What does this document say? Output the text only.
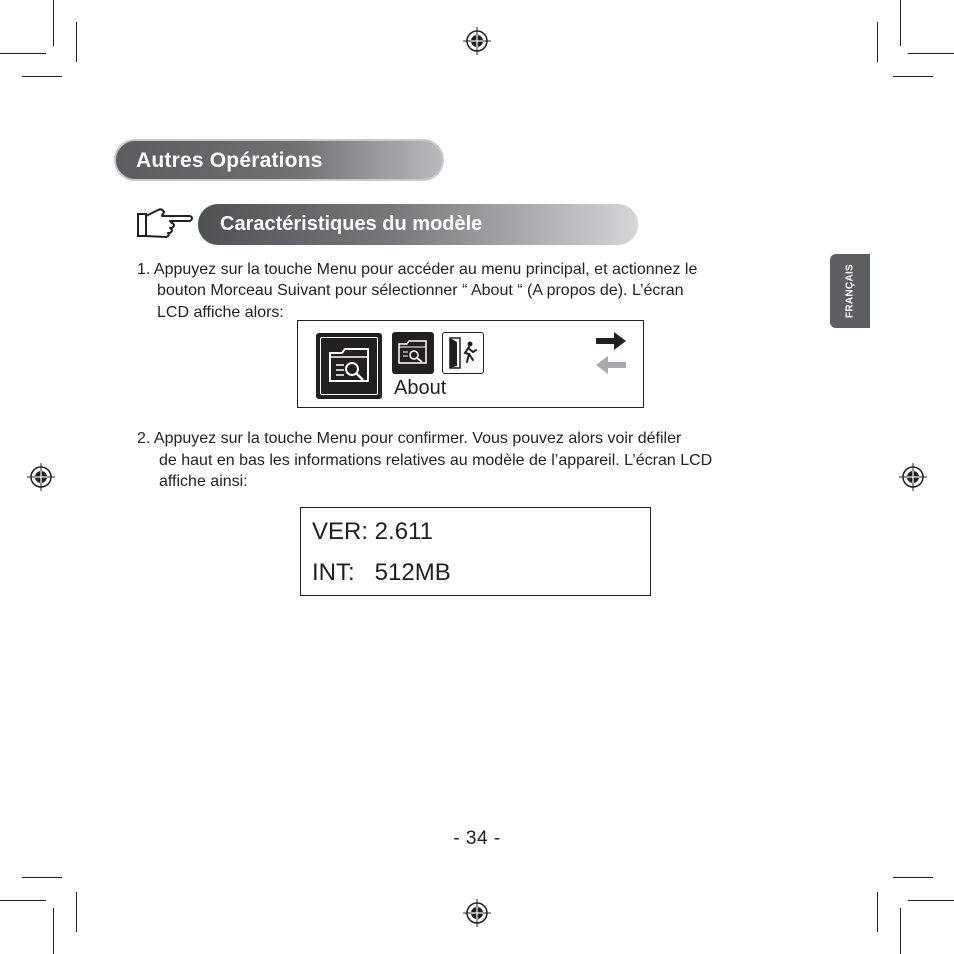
Autres Opérations
Caractéristiques du modèle
FRANÇAIS
1. Appuyez sur la touche Menu pour accéder au menu principal, et actionnez le
bouton Morceau Suivant pour sélectionner “ About “ (A propos de). L’écran
LCD affiche alors:
About
2. Appuyez sur la touche Menu pour confirmer. Vous pouvez alors voir défiler
de haut en bas les informations relatives au modèle de l’appareil. L’écran LCD
affiche ainsi:
VER: 2.611
INT:   512MB
- 34 -
